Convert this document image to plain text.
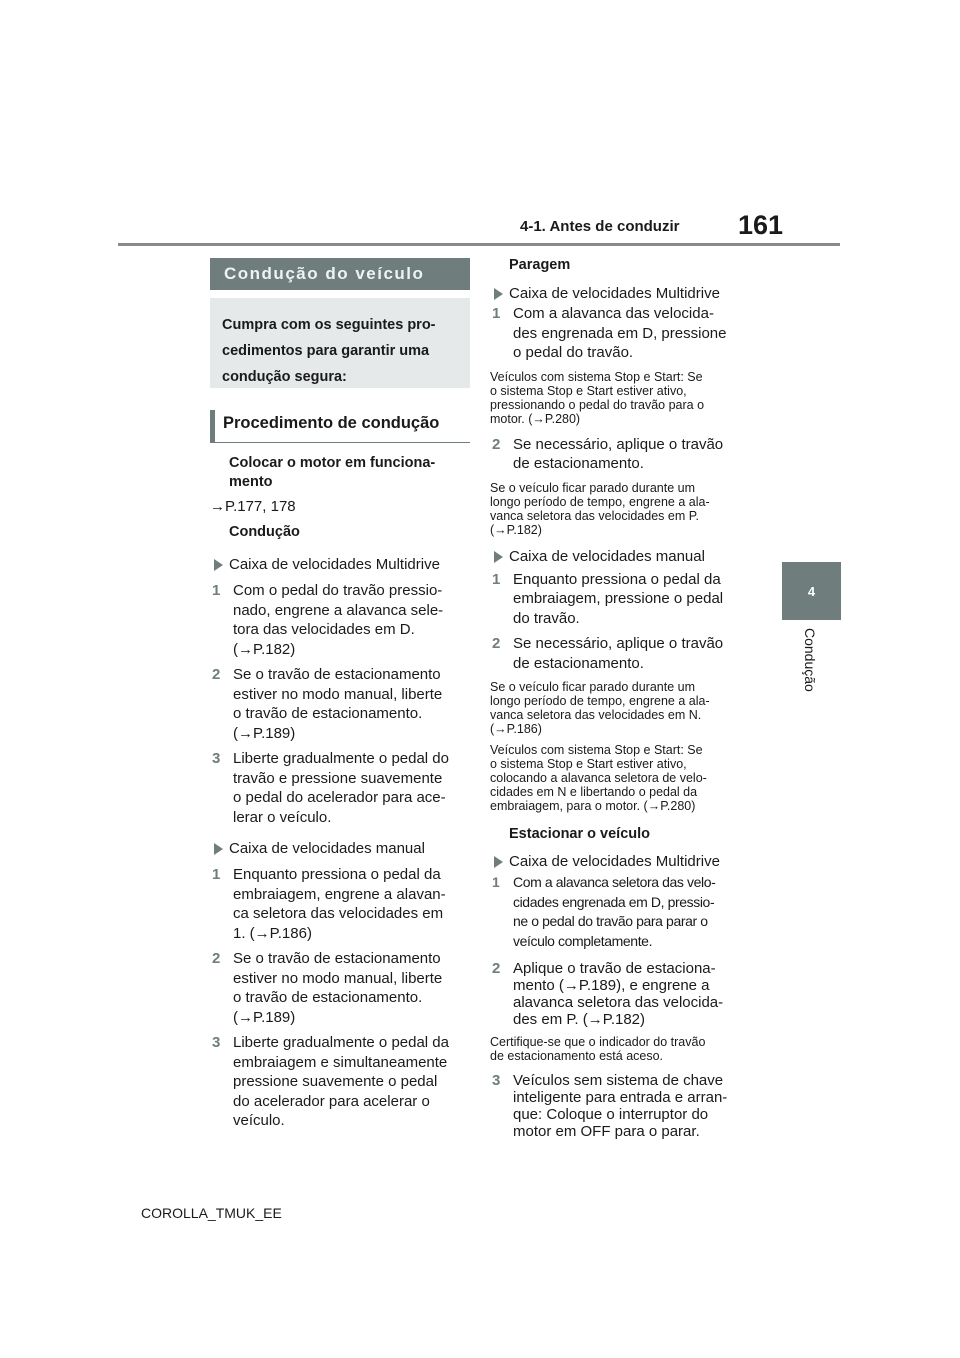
4-1. Antes de conduzir 161
4
Condução
Condução do veículo
Cumpra com os seguintes pro-
cedimentos para garantir uma
condução segura:
Procedimento de condução
Colocar o motor em funciona-
mento
→P.177, 178
Condução
Caixa de velocidades Multidrive
1 Com o pedal do travão pressio-
nado, engrene a alavanca sele-
tora das velocidades em D.
(→P.182)
2 Se o travão de estacionamento
estiver no modo manual, liberte
o travão de estacionamento.
(→P.189)
3 Liberte gradualmente o pedal do
travão e pressione suavemente
o pedal do acelerador para ace-
lerar o veículo.
Caixa de velocidades manual
1 Enquanto pressiona o pedal da
embraiagem, engrene a alavan-
ca seletora das velocidades em
1. (→P.186)
2 Se o travão de estacionamento
estiver no modo manual, liberte
o travão de estacionamento.
(→P.189)
3 Liberte gradualmente o pedal da
embraiagem e simultaneamente
pressione suavemente o pedal
do acelerador para acelerar o
veículo.
Paragem
Caixa de velocidades Multidrive
1 Com a alavanca das velocida-
des engrenada em D, pressione
o pedal do travão.
Veículos com sistema Stop e Start: Se
o sistema Stop e Start estiver ativo,
pressionando o pedal do travão para o
motor. (→P.280)
2 Se necessário, aplique o travão
de estacionamento.
Se o veículo ficar parado durante um
longo período de tempo, engrene a ala-
vanca seletora das velocidades em P.
(→P.182)
Caixa de velocidades manual
1 Enquanto pressiona o pedal da
embraiagem, pressione o pedal
do travão.
2 Se necessário, aplique o travão
de estacionamento.
Se o veículo ficar parado durante um
longo período de tempo, engrene a ala-
vanca seletora das velocidades em N.
(→P.186)
Veículos com sistema Stop e Start: Se
o sistema Stop e Start estiver ativo,
colocando a alavanca seletora de velo-
cidades em N e libertando o pedal da
embraiagem, para o motor. (→P.280)
Estacionar o veículo
Caixa de velocidades Multidrive
1 Com a alavanca seletora das velo-
cidades engrenada em D, pressio-
ne o pedal do travão para parar o
veículo completamente.
2 Aplique o travão de estaciona-
mento (→P.189), e engrene a
alavanca seletora das velocida-
des em P. (→P.182)
Certifique-se que o indicador do travão
de estacionamento está aceso.
3 Veículos sem sistema de chave
inteligente para entrada e arran-
que: Coloque o interruptor do
motor em OFF para o parar.
COROLLA_TMUK_EE
